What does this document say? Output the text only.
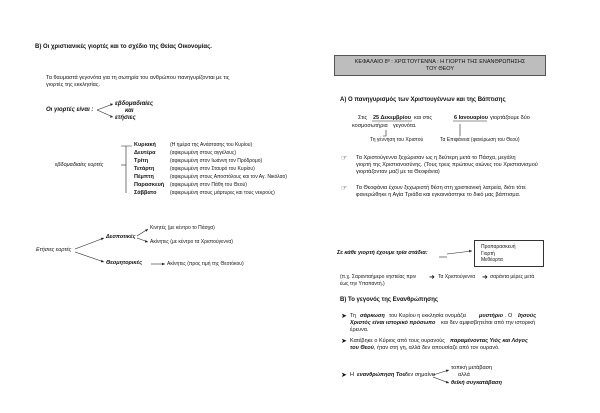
B) Οι χριστιανικές γιορτές και το σχέδιο της Θείας Οικονομίας.
Τα θαυμαστά γεγονότα για τη σωτηρία του ανθρώπου πανηγυρίζονται με τις
γιορτές της εκκλησίας.
Οι γιορτές είναι :
εβδομαδιαίες
και
ετήσιες
εβδομαδιαίες εορτές
Κυριακή	(Η ημέρα της Ανάστασης του Κυρίου)
Δευτέρα	(αφιερωμένη στους αγγέλους)
Τρίτη	(αφιερωμένη στον Ιωάννη τον Πρόδρομο)
Τετάρτη	(αφιερωμένη στον Σταυρό του Κυρίου)
Πέμπτη	(αφιερωμένη στους Αποστόλους και τον Αγ. Νικόλαο)
Παρασκευή (αφιερωμένη στον Πάθη του Θεού)
Σάββατο	(αφιερωμένη στους μάρτυρες και τους νεκρούς)
Ετήσιες εορτές
Δεσποτικές
Κινητές (με κέντρο το Πάσχα)
Ακίνητες (με κέντρο τα Χριστούγεννα)
Θεομητορικές	Ακίνητες (προς τιμή της Θεοτόκου)
ΚΕΦΑΛΑΙΟ 8º : ΧΡΙΣΤΟΥΓΕΝΝΑ : Η ΓΙΟΡΤΗ ΤΗΣ ΕΝΑΝΘΡΩΠΗΣΗΣ
ΤΟΥ ΘΕΟΥ
A) Ο πανηγυρισμός των Χριστουγέννων και της Βάπτισης
Στις 25 Δεκεμβρίου και στις	6 Ιανουαρίου γιορτάζουμε δύο
κοσμοσωτήρια γεγονότα.
Τη γέννηση του Χριστού	Τα Επιφάνεια (φανέρωση του Θεού)
☞ Τα Χριστούγεννα ξεχώρισαν ως η δεύτερη μετά το Πάσχα, μεγάλη
γιορτή της Χριστιανοσύνης. (Τους τρεις πρώτους αιώνες του Χριστιανισμού
γιορτάζονταν μαζί με τα Θεοφάνια)
☞ Τα Θεοφάνια έχουν ξεχωριστή θέση στη χριστιανική λατρεία, διότι τότε
φανερώθηκε η Αγία Τριάδα και εγκαινιάστηκε το δικό μας βάπτισμα.
Σε κάθε γιορτή έχουμε τρία στάδια:
Προπαρασκευή
Γιορτή
Μεθέορτα
(π.χ. Σαρανταήμερο νηστείας πριν ➜ Τα Χριστούγεννα ➜ σαράντα μέρες μετά
έως την Υπαπαντή.)
B) Το γεγονός της Ενανθρώπησης
➤ Τη σάρκωση του Κυρίου η εκκλησία ονομάζει μυστήριο . Ο Ιησούς
Χριστός είναι ιστορικό πρόσωπο και δεν αμφισβητείται από την ιστορική
έρευνα.
➤ Κατέβηκε ο Κύριος από τους ουρανούς παραμένοντας Υιός και Λόγος
του Θεού , ήταν στη γη, αλλά δεν απουσίαζε από τον ουρανό.
➤ Η ενανθρώπηση Του δεν σημαίνει
τοπική μετάβαση
αλλά
θεϊκή συγκατάβαση
